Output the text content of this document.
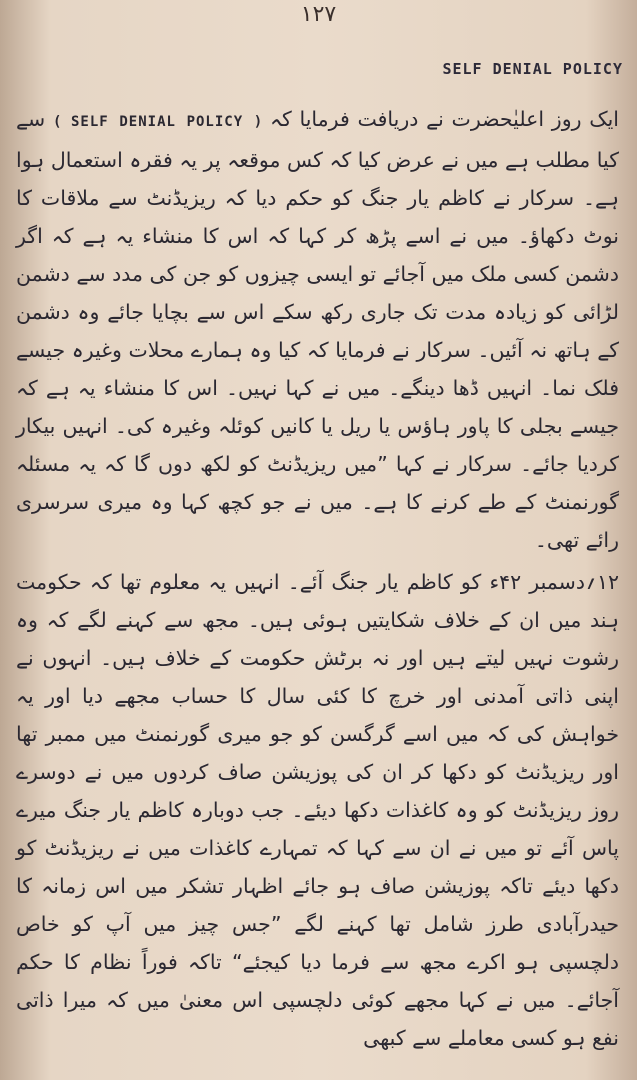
۱۲۷
SELF DENIAL POLICY

ایک روز اعلیٰحضرت نے دریافت فرمایا کہ ( SELF DENIAL POLICY ) سے کیا مطلب ہے میں نے عرض کیا کہ کس موقعہ پر یہ فقرہ استعمال ہوا ہے۔ سرکار نے کاظم یار جنگ کو حکم دیا کہ ریزیڈنٹ سے ملاقات کا نوٹ دکھاؤ۔ میں نے اسے پڑھ کر کہا کہ اس کا منشاء یہ ہے کہ اگر دشمن کسی ملک میں آجائے تو ایسی چیزوں کو جن کی مدد سے دشمن لڑائی کو زیادہ مدت تک جاری رکھ سکے اس سے بچایا جائے وہ دشمن کے ہاتھ نہ آئیں۔ سرکار نے فرمایا کہ کیا وہ ہمارے محلات وغیرہ جیسے فلک نما۔ انہیں ڈھا دینگے۔ میں نے کہا نہیں۔ اس کا منشاء یہ ہے کہ جیسے بجلی کا پاور ہاؤس یا ریل یا کانیں کوئلہ وغیرہ کی۔ انہیں بیکار کردیا جائے۔ سرکار نے کہا ”میں ریزیڈنٹ کو لکھ دوں گا کہ یہ مسئلہ گورنمنٹ کے طے کرنے کا ہے۔ میں نے جو کچھ کہا وہ میری سرسری رائے تھی۔

۱۲؍دسمبر ۴۲ء کو کاظم یار جنگ آئے۔ انہیں یہ معلوم تھا کہ حکومت ہند میں ان کے خلاف شکایتیں ہوئی ہیں۔ مجھ سے کہنے لگے کہ وہ رشوت نہیں لیتے ہیں اور نہ برٹش حکومت کے خلاف ہیں۔ انہوں نے اپنی ذاتی آمدنی اور خرچ کا کئی سال کا حساب مجھے دیا اور یہ خواہش کی کہ میں اسے گرگسن کو جو میری گورنمنٹ میں ممبر تھا اور ریزیڈنٹ کو دکھا کر ان کی پوزیشن صاف کردوں میں نے دوسرے روز ریزیڈنٹ کو وہ کاغذات دکھا دیئے۔ جب دوبارہ کاظم یار جنگ میرے پاس آئے تو میں نے ان سے کہا کہ تمہارے کاغذات میں نے ریزیڈنٹ کو دکھا دیئے تاکہ پوزیشن صاف ہو جائے اظہار تشکر میں اس زمانہ کا حیدرآبادی طرز شامل تھا کہنے لگے ”جس چیز میں آپ کو خاص دلچسپی ہو اکرے مجھ سے فرما دیا کیجئے“ تاکہ فوراً نظام کا حکم آجائے۔ میں نے کہا مجھے کوئی دلچسپی اس معنیٰ میں کہ میرا ذاتی نفع ہو کسی معاملے سے کبھی
